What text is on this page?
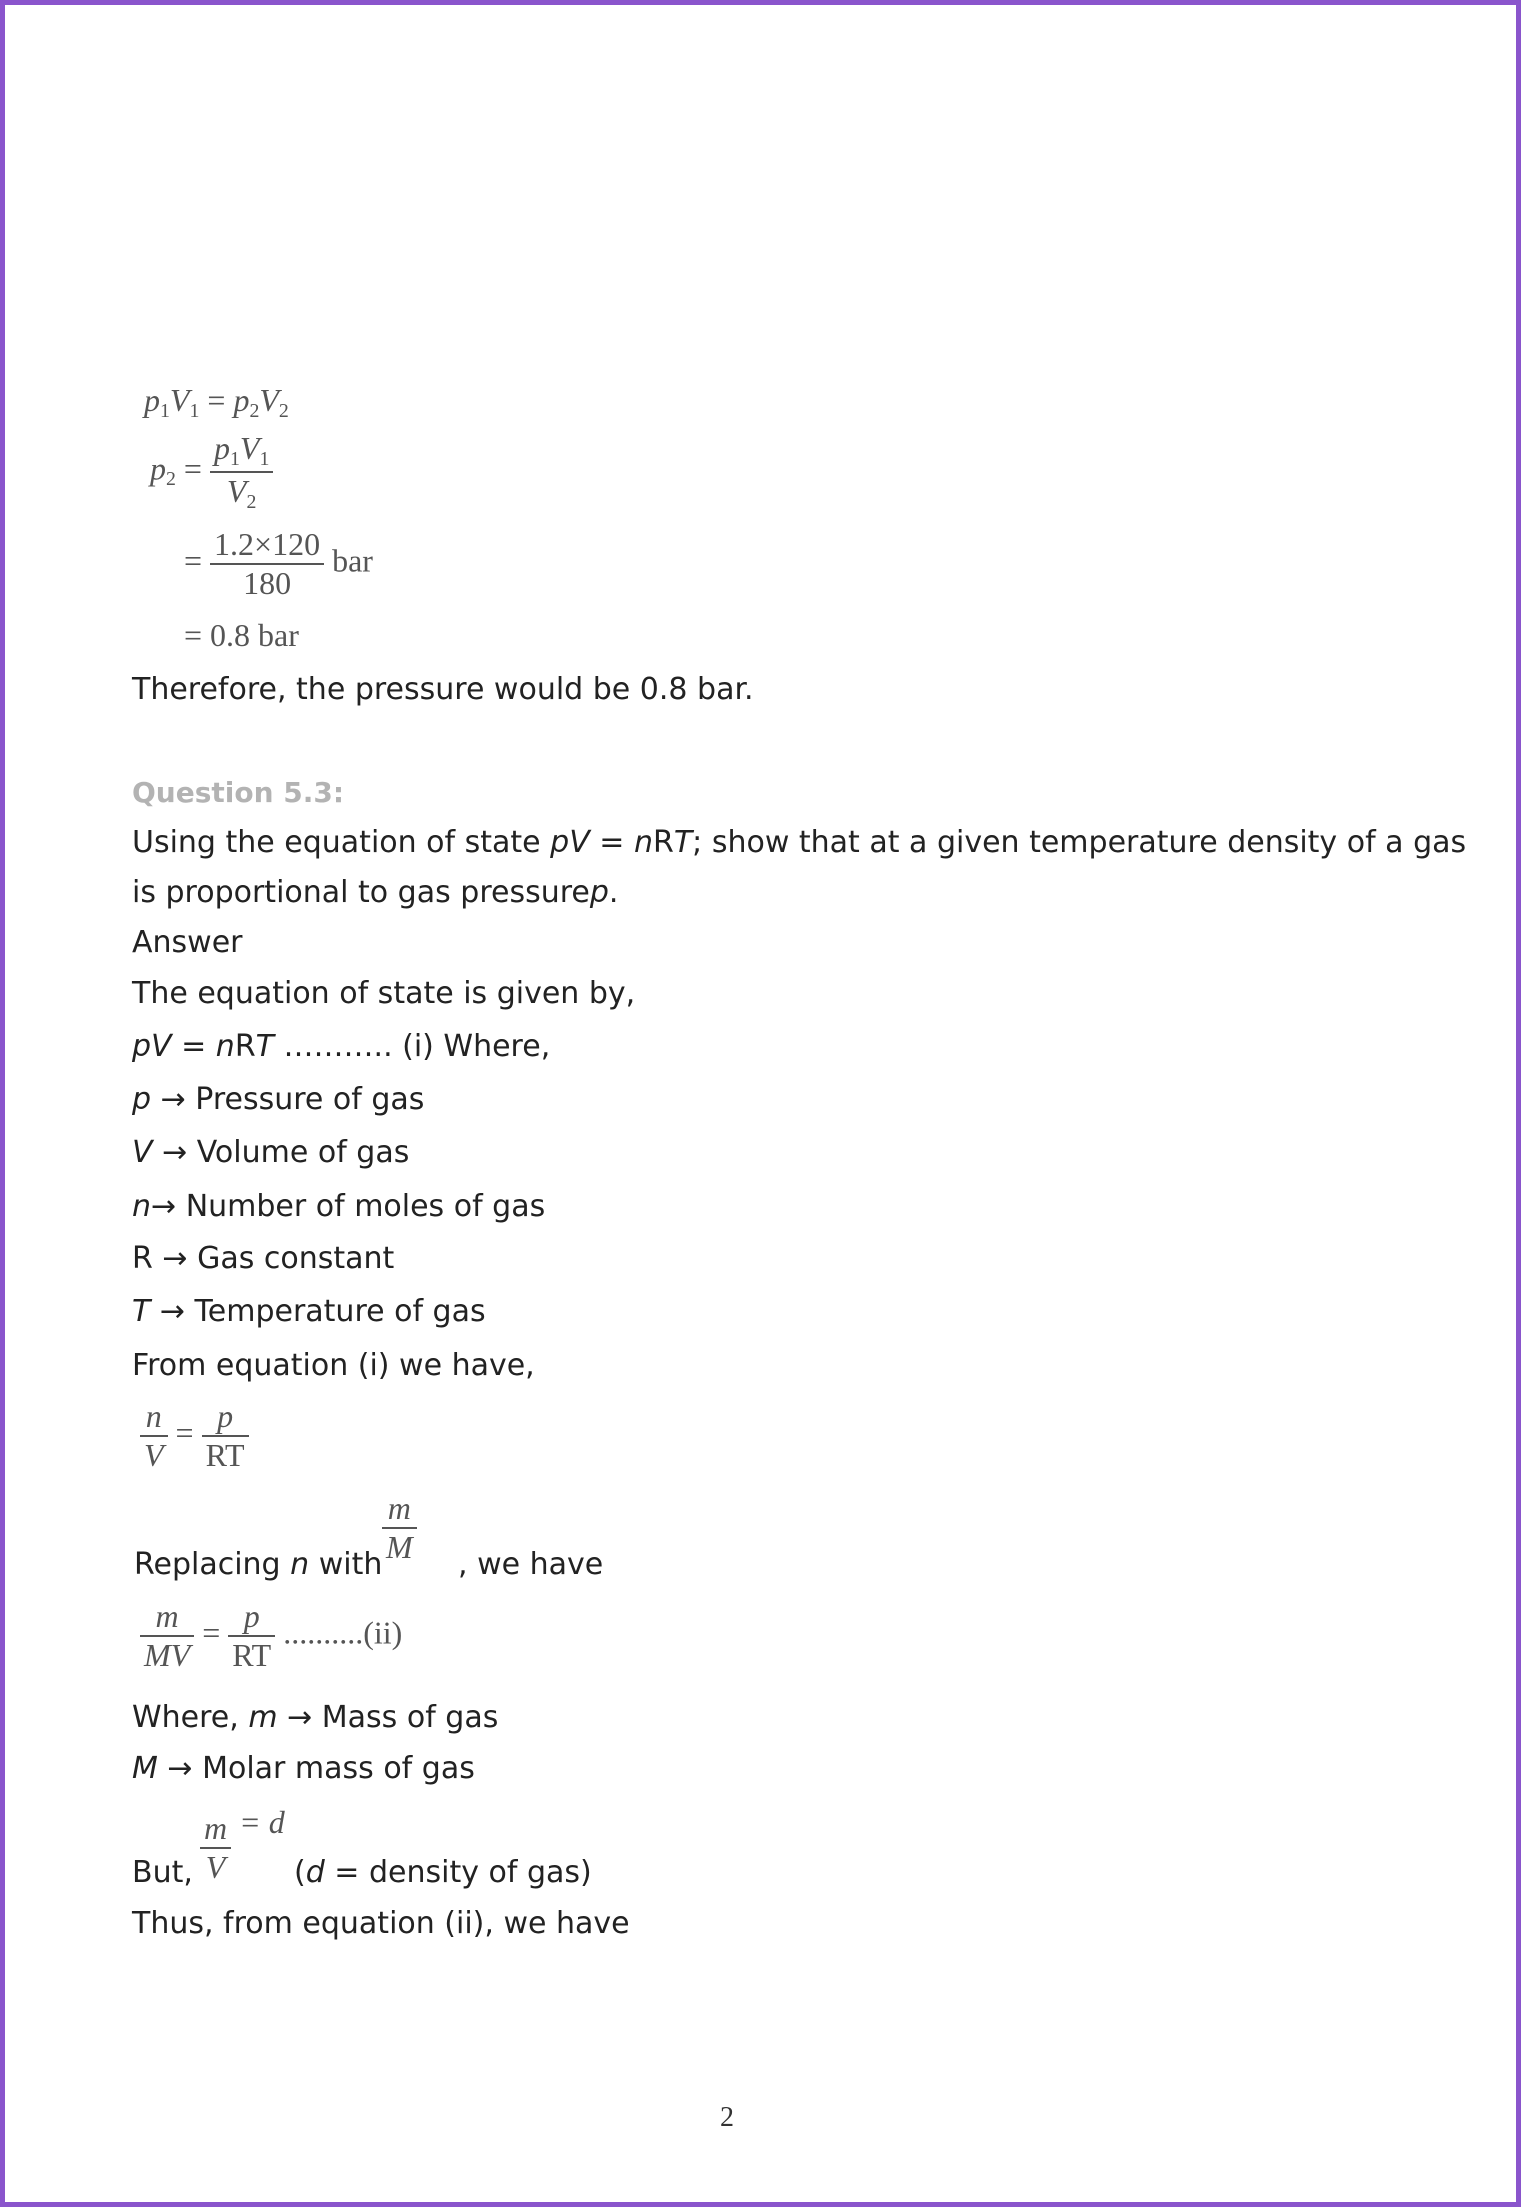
$p_1V_1 = p_2V_2$
$p_2 = \frac{p_1V_1}{V_2}$
= $\frac{1.2\times 120}{180}$ bar
= 0.8 bar
Therefore, the pressure would be 0.8 bar.
Question 5.3:
Using the equation of state pV = nRT; show that at a given temperature density of a gas
is proportional to gas pressurep.
Answer
The equation of state is given by,
pV = nRT ……….. (i) Where,
p → Pressure of gas
V → Volume of gas
n→ Number of moles of gas
R → Gas constant
T → Temperature of gas
From equation (i) we have,
$\frac{n}{V} = \frac{p}{RT}$
Replacing n with $\frac{m}{M}$ , we have
$\frac{m}{MV} = \frac{p}{RT} ..........(ii)$
Where, m → Mass of gas
M → Molar mass of gas
But, $\frac{m}{V} = d$
(d = density of gas)
Thus, from equation (ii), we have
2
